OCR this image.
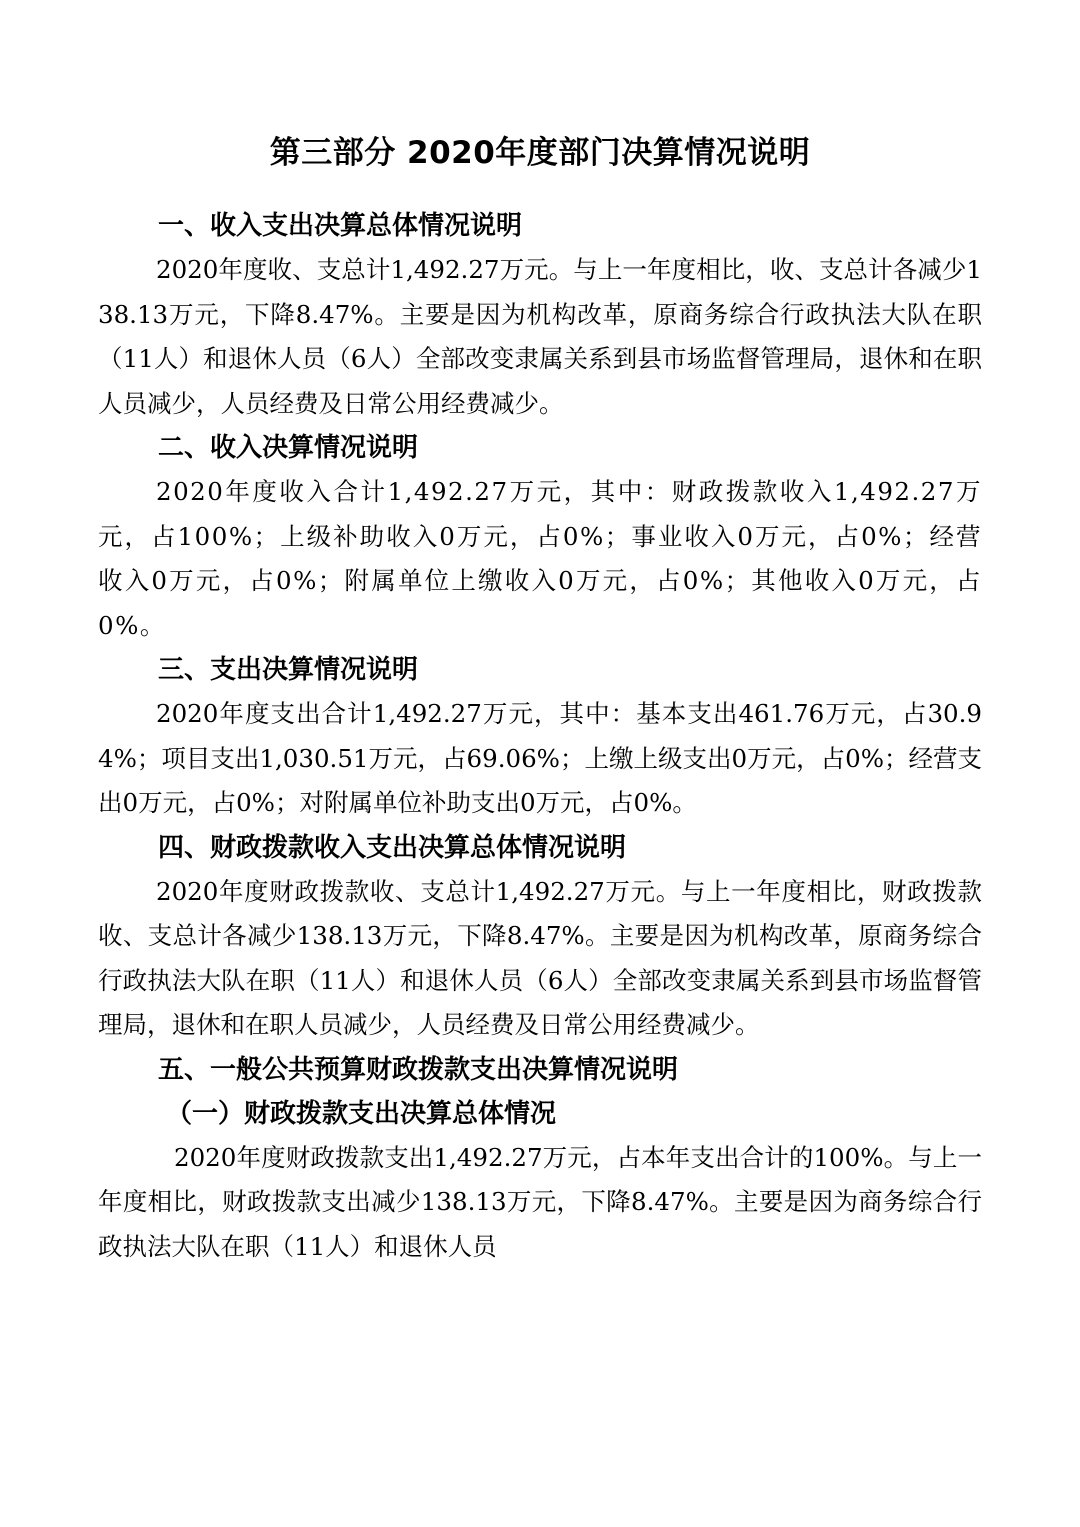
第三部分 2020年度部门决算情况说明
一、收入支出决算总体情况说明

2020年度收、支总计1,492.27万元。与上一年度相比，收、支总计各减少138.13万元，下降8.47%。主要是因为机构改革，原商务综合行政执法大队在职（11人）和退休人员（6人）全部改变隶属关系到县市场监督管理局，退休和在职人员减少，人员经费及日常公用经费减少。

二、收入决算情况说明

2020年度收入合计1,492.27万元，其中：财政拨款收入1,492.27万元，占100%；上级补助收入0万元，占0%；事业收入0万元，占0%；经营收入0万元，占0%；附属单位上缴收入0万元，占0%；其他收入0万元，占0%。

三、支出决算情况说明

2020年度支出合计1,492.27万元，其中：基本支出461.76万元，占30.94%；项目支出1,030.51万元，占69.06%；上缴上级支出0万元，占0%；经营支出0万元，占0%；对附属单位补助支出0万元，占0%。

四、财政拨款收入支出决算总体情况说明

2020年度财政拨款收、支总计1,492.27万元。与上一年度相比，财政拨款收、支总计各减少138.13万元，下降8.47%。主要是因为机构改革，原商务综合行政执法大队在职（11人）和退休人员（6人）全部改变隶属关系到县市场监督管理局，退休和在职人员减少，人员经费及日常公用经费减少。

五、一般公共预算财政拨款支出决算情况说明
（一）财政拨款支出决算总体情况

2020年度财政拨款支出1,492.27万元，占本年支出合计的100%。与上一年度相比，财政拨款支出减少138.13万元，下降8.47%。主要是因为商务综合行政执法大队在职（11人）和退休人员
